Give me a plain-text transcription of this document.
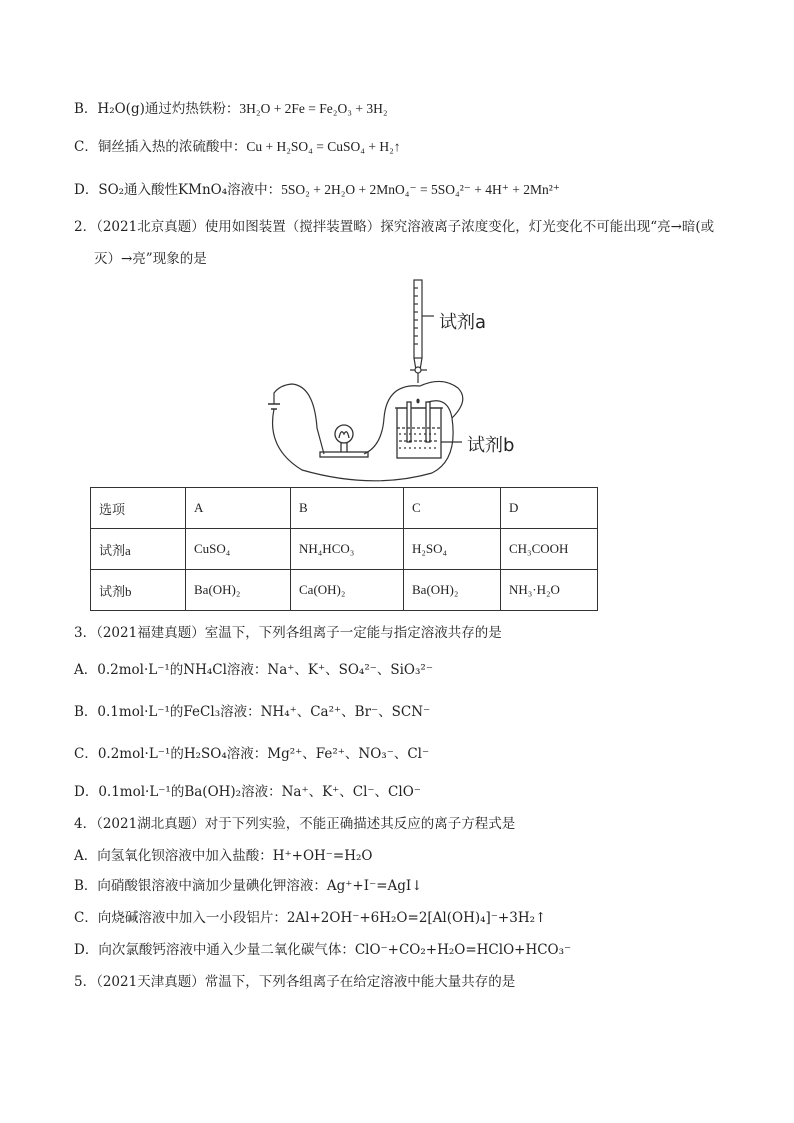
B．H₂O(g)通过灼热铁粉：3H₂O + 2Fe = Fe₂O₃ + 3H₂
C．铜丝插入热的浓硫酸中：Cu + H₂SO₄ = CuSO₄ + H₂↑
D．SO₂通入酸性KMnO₄溶液中：5SO₂ + 2H₂O + 2MnO₄⁻ = 5SO₄²⁻ + 4H⁺ + 2Mn²⁺
2．（2021北京真题）使用如图装置（搅拌装置略）探究溶液离子浓度变化，灯光变化不可能出现“亮→暗(或
灭）→亮”现象的是
试剂a
试剂b
选项	A	B	C	D
试剂a	CuSO₄	NH₄HCO₃	H₂SO₄	CH₃COOH
试剂b	Ba(OH)₂	Ca(OH)₂	Ba(OH)₂	NH₃·H₂O
3．（2021福建真题）室温下，下列各组离子一定能与指定溶液共存的是
A．0.2mol·L⁻¹的NH₄Cl溶液：Na⁺、K⁺、SO₄²⁻、SiO₃²⁻
B．0.1mol·L⁻¹的FeCl₃溶液：NH₄⁺、Ca²⁺、Br⁻、SCN⁻
C．0.2mol·L⁻¹的H₂SO₄溶液：Mg²⁺、Fe²⁺、NO₃⁻、Cl⁻
D．0.1mol·L⁻¹的Ba(OH)₂溶液：Na⁺、K⁺、Cl⁻、ClO⁻
4．（2021湖北真题）对于下列实验，不能正确描述其反应的离子方程式是
A．向氢氧化钡溶液中加入盐酸：H⁺+OH⁻=H₂O
B．向硝酸银溶液中滴加少量碘化钾溶液：Ag⁺+I⁻=AgI↓
C．向烧碱溶液中加入一小段铝片：2Al+2OH⁻+6H₂O=2[Al(OH)₄]⁻+3H₂↑
D．向次氯酸钙溶液中通入少量二氧化碳气体：ClO⁻+CO₂+H₂O=HClO+HCO₃⁻
5．（2021天津真题）常温下，下列各组离子在给定溶液中能大量共存的是
